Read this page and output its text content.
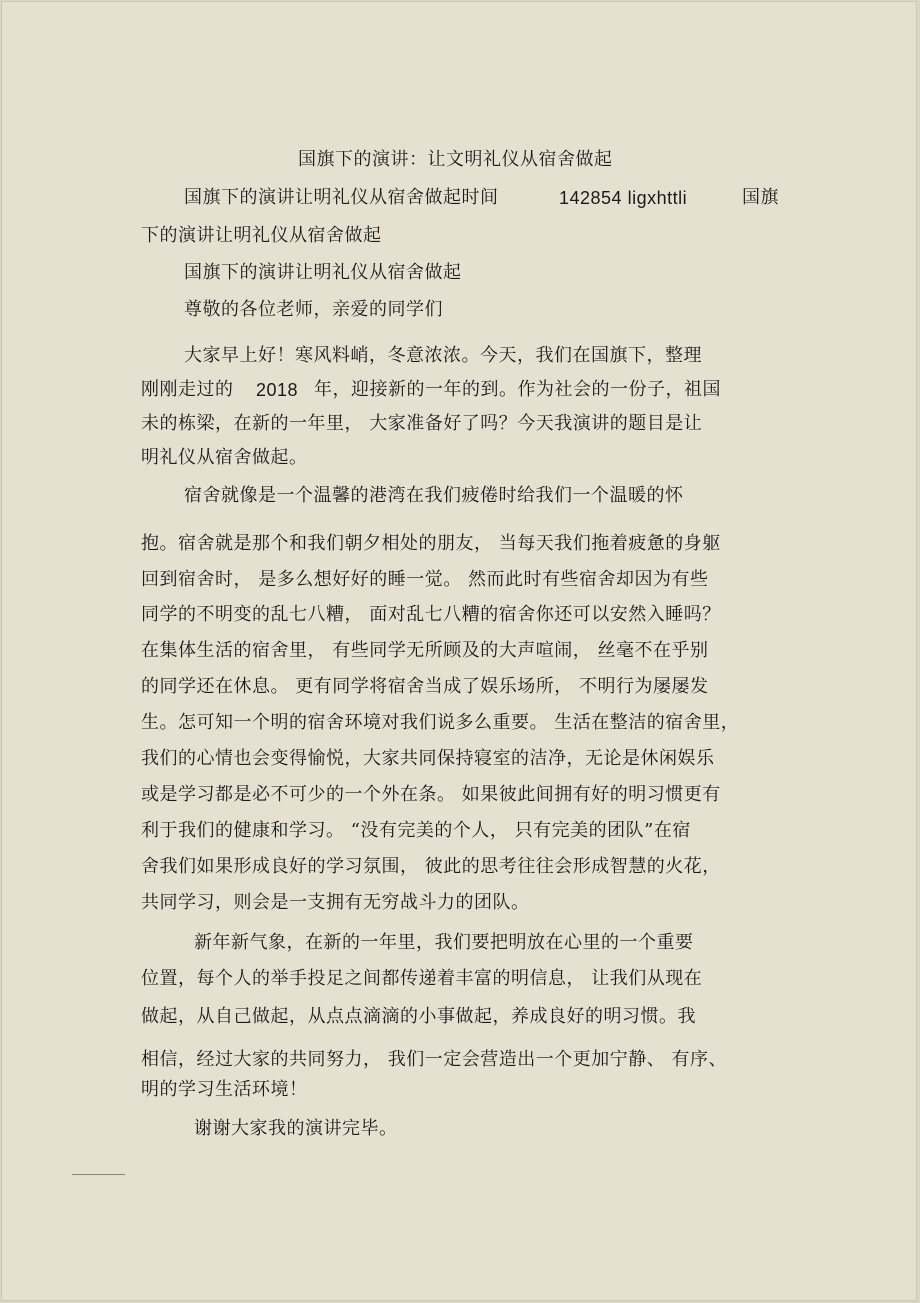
国旗下的演讲：让文明礼仪从宿舍做起
国旗下的演讲让明礼仪从宿舍做起时间	142854 ligxhttli	国旗
下的演讲让明礼仪从宿舍做起
国旗下的演讲让明礼仪从宿舍做起
尊敬的各位老师，亲爱的同学们
大家早上好！寒风料峭，冬意浓浓。今天，我们在国旗下，整理
刚刚走过的 2018 年，迎接新的一年的到。作为社会的一份子，祖国
未的栋梁，在新的一年里， 大家准备好了吗？今天我演讲的题目是让
明礼仪从宿舍做起。
宿舍就像是一个温馨的港湾在我们疲倦时给我们一个温暖的怀
抱。宿舍就是那个和我们朝夕相处的朋友， 当每天我们拖着疲惫的身躯
回到宿舍时， 是多么想好好的睡一觉。 然而此时有些宿舍却因为有些
同学的不明变的乱七八糟， 面对乱七八糟的宿舍你还可以安然入睡吗？
在集体生活的宿舍里， 有些同学无所顾及的大声喧闹， 丝毫不在乎别
的同学还在休息。 更有同学将宿舍当成了娱乐场所， 不明行为屡屡发
生。怎可知一个明的宿舍环境对我们说多么重要。 生活在整洁的宿舍里，
我们的心情也会变得愉悦，大家共同保持寝室的洁净，无论是休闲娱乐
或是学习都是必不可少的一个外在条。 如果彼此间拥有好的明习惯更有
利于我们的健康和学习。 “没有完美的个人， 只有完美的团队”在宿
舍我们如果形成良好的学习氛围， 彼此的思考往往会形成智慧的火花，
共同学习，则会是一支拥有无穷战斗力的团队。
新年新气象，在新的一年里，我们要把明放在心里的一个重要
位置，每个人的举手投足之间都传递着丰富的明信息， 让我们从现在
做起，从自己做起，从点点滴滴的小事做起，养成良好的明习惯。我
相信，经过大家的共同努力， 我们一定会营造出一个更加宁静、 有序、
明的学习生活环境！
谢谢大家我的演讲完毕。
